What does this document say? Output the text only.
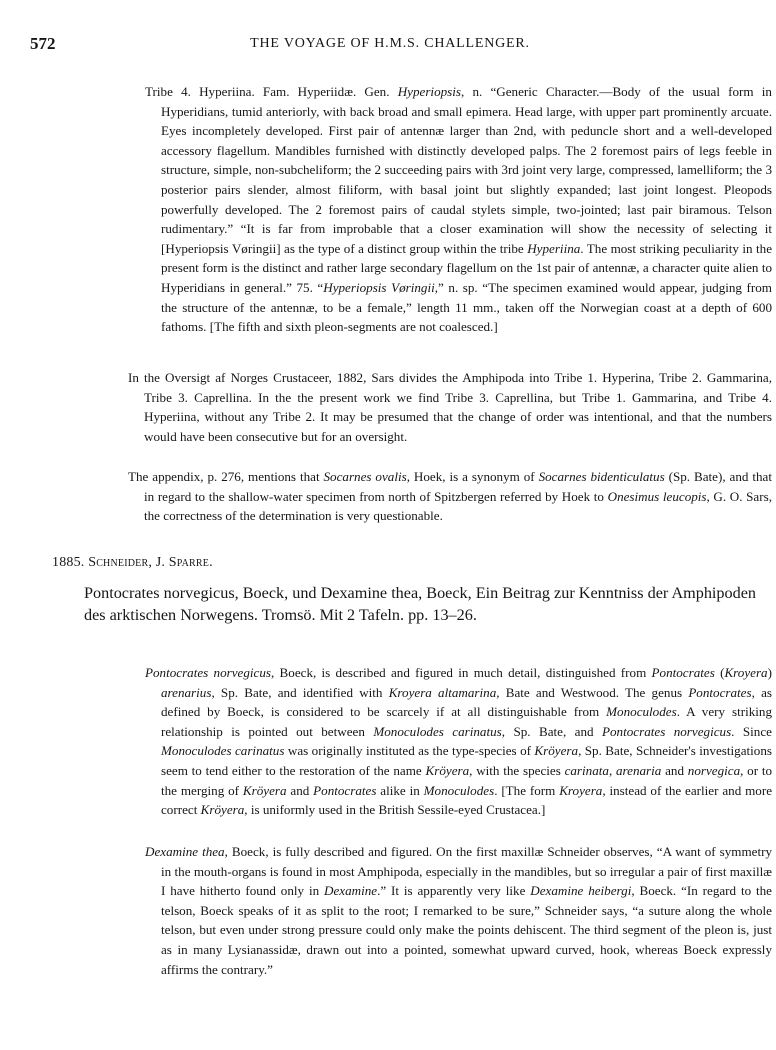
572	THE VOYAGE OF H.M.S. CHALLENGER.
Tribe 4. Hyperiina. Fam. Hyperiidæ. Gen. Hyperiopsis, n. “Generic Character.—Body of the usual form in Hyperidians, tumid anteriorly, with back broad and small epimera. Head large, with upper part prominently arcuate. Eyes incompletely developed. First pair of antennæ larger than 2nd, with peduncle short and a well-developed accessory flagellum. Mandibles furnished with distinctly developed palps. The 2 foremost pairs of legs feeble in structure, simple, non-subcheliform; the 2 succeeding pairs with 3rd joint very large, compressed, lamelliform; the 3 posterior pairs slender, almost filiform, with basal joint but slightly expanded; last joint longest. Pleopods powerfully developed. The 2 foremost pairs of caudal stylets simple, two-jointed; last pair biramous. Telson rudimentary.” “It is far from improbable that a closer examination will show the necessity of selecting it [Hyperiopsis Vøringii] as the type of a distinct group within the tribe Hyperiina. The most striking peculiarity in the present form is the distinct and rather large secondary flagellum on the 1st pair of antennæ, a character quite alien to Hyperidians in general.” 75. “Hyperiopsis Vøringii,” n. sp. “The specimen examined would appear, judging from the structure of the antennæ, to be a female,” length 11 mm., taken off the Norwegian coast at a depth of 600 fathoms. [The fifth and sixth pleon-segments are not coalesced.]
In the Oversigt af Norges Crustaceer, 1882, Sars divides the Amphipoda into Tribe 1. Hyperina, Tribe 2. Gammarina, Tribe 3. Caprellina. In the the present work we find Tribe 3. Caprellina, but Tribe 1. Gammarina, and Tribe 4. Hyperiina, without any Tribe 2. It may be presumed that the change of order was intentional, and that the numbers would have been consecutive but for an oversight.
The appendix, p. 276, mentions that Socarnes ovalis, Hoek, is a synonym of Socarnes bidenticulatus (Sp. Bate), and that in regard to the shallow-water specimen from north of Spitzbergen referred by Hoek to Onesimus leucopis, G. O. Sars, the correctness of the determination is very questionable.
1885. Schneider, J. Sparre.
Pontocrates norvegicus, Boeck, und Dexamine thea, Boeck, Ein Beitrag zur Kenntniss der Amphipoden des arktischen Norwegens. Tromsö. Mit 2 Tafeln. pp. 13–26.
Pontocrates norvegicus, Boeck, is described and figured in much detail, distinguished from Pontocrates (Kroyera) arenarius, Sp. Bate, and identified with Kroyera altamarina, Bate and Westwood. The genus Pontocrates, as defined by Boeck, is considered to be scarcely if at all distinguishable from Monoculodes. A very striking relationship is pointed out between Monoculodes carinatus, Sp. Bate, and Pontocrates norvegicus. Since Monoculodes carinatus was originally instituted as the type-species of Kröyera, Sp. Bate, Schneider's investigations seem to tend either to the restoration of the name Kröyera, with the species carinata, arenaria and norvegica, or to the merging of Kröyera and Pontocrates alike in Monoculodes. [The form Kroyera, instead of the earlier and more correct Kröyera, is uniformly used in the British Sessile-eyed Crustacea.]
Dexamine thea, Boeck, is fully described and figured. On the first maxillæ Schneider observes, “A want of symmetry in the mouth-organs is found in most Amphipoda, especially in the mandibles, but so irregular a pair of first maxillæ I have hitherto found only in Dexamine.” It is apparently very like Dexamine heibergi, Boeck. “In regard to the telson, Boeck speaks of it as split to the root; I remarked to be sure,” Schneider says, “a suture along the whole telson, but even under strong pressure could only make the points dehiscent. The third segment of the pleon is, just as in many Lysianassidæ, drawn out into a pointed, somewhat upward curved, hook, whereas Boeck expressly affirms the contrary.”
